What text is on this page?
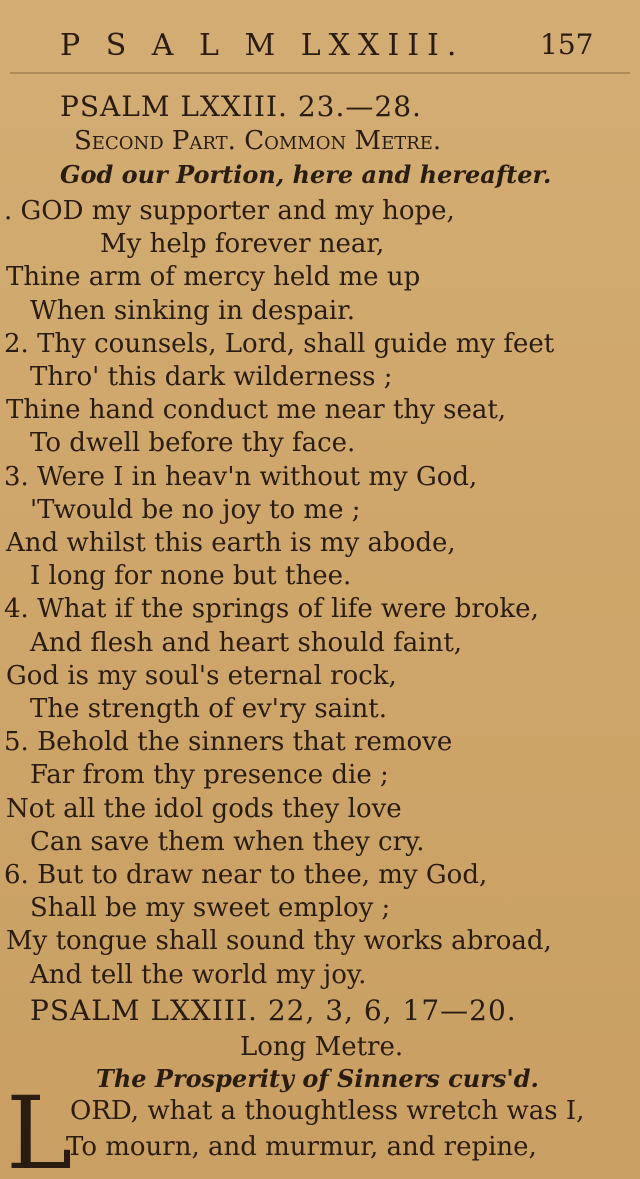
P S A L M LXXIII.	157
PSALM LXXIII. 23.—28.
Second Part. Common Metre.
God our Portion, here and hereafter.
. GOD my supporter and my hope,
My help forever near,
Thine arm of mercy held me up
When sinking in despair.
2. Thy counsels, Lord, shall guide my feet
Thro' this dark wilderness ;
Thine hand conduct me near thy seat,
To dwell before thy face.
3. Were I in heav'n without my God,
'Twould be no joy to me ;
And whilst this earth is my abode,
I long for none but thee.
4. What if the springs of life were broke,
And flesh and heart should faint,
God is my soul's eternal rock,
The strength of ev'ry saint.
5. Behold the sinners that remove
Far from thy presence die ;
Not all the idol gods they love
Can save them when they cry.
6. But to draw near to thee, my God,
Shall be my sweet employ ;
My tongue shall sound thy works abroad,
And tell the world my joy.
PSALM LXXIII. 22, 3, 6, 17—20.
Long Metre.
The Prosperity of Sinners curs'd.
L
ORD, what a thoughtless wretch was I,
To mourn, and murmur, and repine,
